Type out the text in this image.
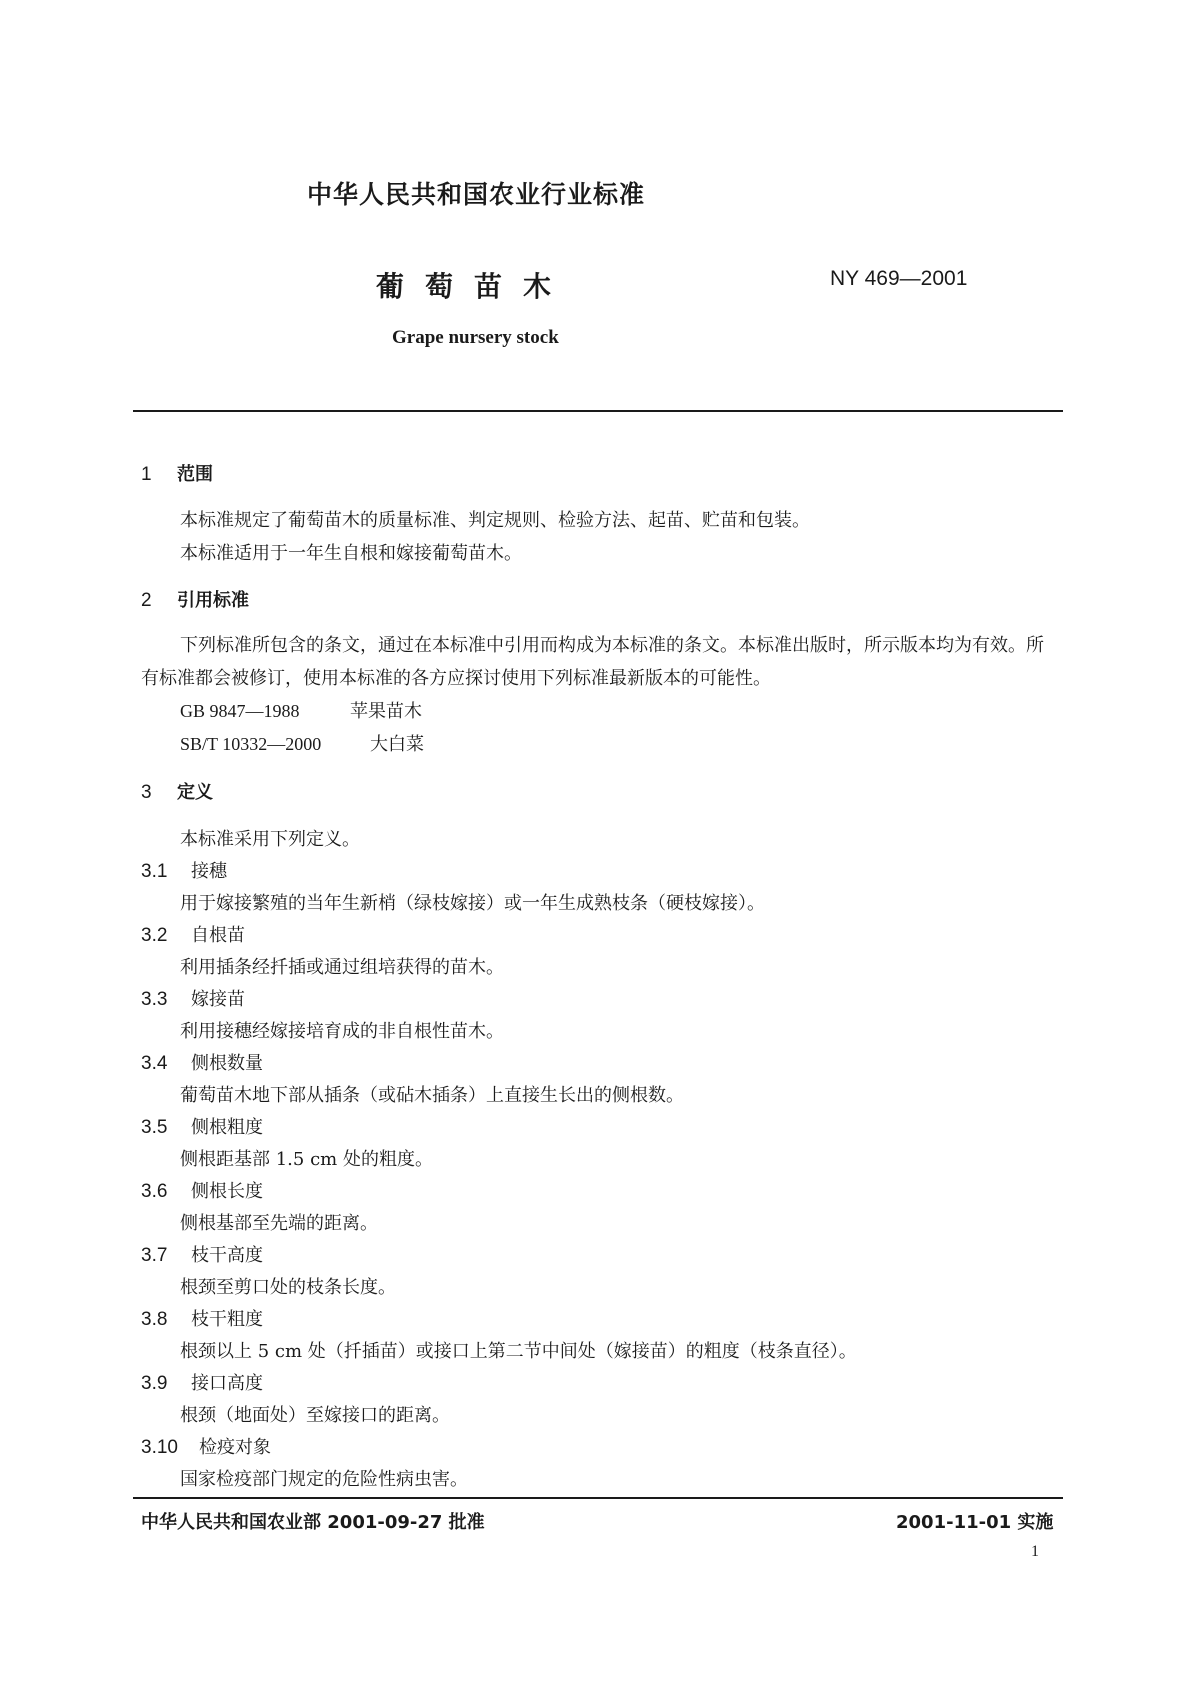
中华人民共和国农业行业标准
葡萄苗木	NY 469—2001
Grape nursery stock
1 范围
本标准规定了葡萄苗木的质量标准、判定规则、检验方法、起苗、贮苗和包装。
本标准适用于一年生自根和嫁接葡萄苗木。
2 引用标准
下列标准所包含的条文，通过在本标准中引用而构成为本标准的条文。本标准出版时，所示版本均为有效。所有标准都会被修订，使用本标准的各方应探讨使用下列标准最新版本的可能性。
GB 9847—1988	苹果苗木
SB/T 10332—2000	大白菜
3 定义
本标准采用下列定义。
3.1 接穗
用于嫁接繁殖的当年生新梢（绿枝嫁接）或一年生成熟枝条（硬枝嫁接）。
3.2 自根苗
利用插条经扦插或通过组培获得的苗木。
3.3 嫁接苗
利用接穗经嫁接培育成的非自根性苗木。
3.4 侧根数量
葡萄苗木地下部从插条（或砧木插条）上直接生长出的侧根数。
3.5 侧根粗度
侧根距基部 1.5 cm 处的粗度。
3.6 侧根长度
侧根基部至先端的距离。
3.7 枝干高度
根颈至剪口处的枝条长度。
3.8 枝干粗度
根颈以上 5 cm 处（扦插苗）或接口上第二节中间处（嫁接苗）的粗度（枝条直径）。
3.9 接口高度
根颈（地面处）至嫁接口的距离。
3.10 检疫对象
国家检疫部门规定的危险性病虫害。
中华人民共和国农业部 2001-09-27 批准	2001-11-01 实施
1
